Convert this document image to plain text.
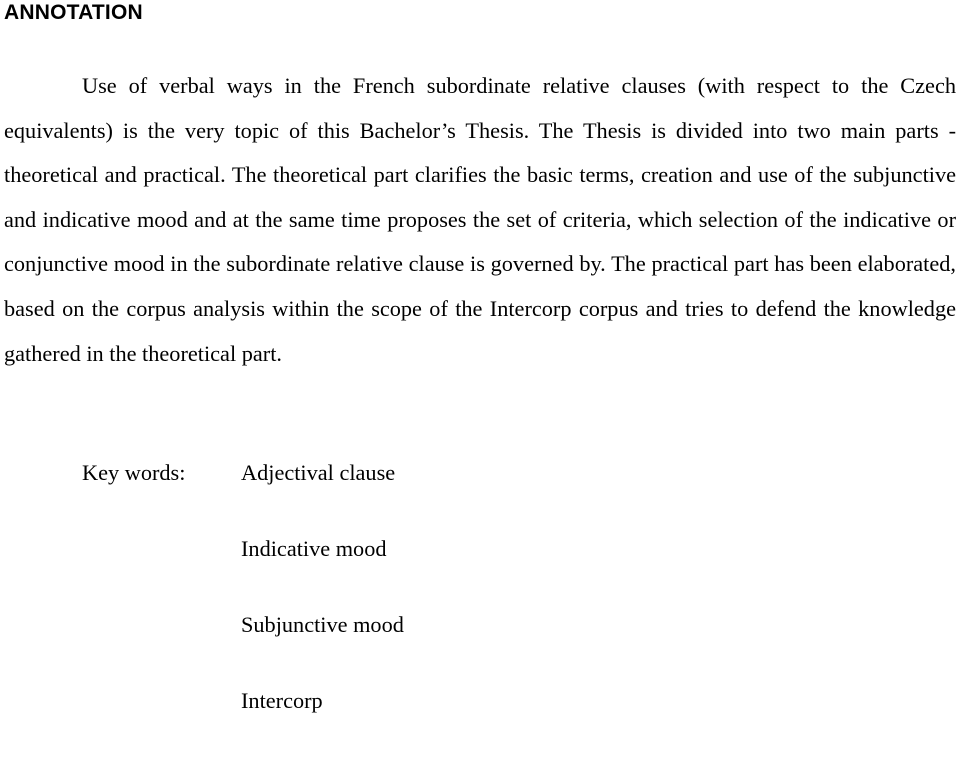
ANNOTATION

Use of verbal ways in the French subordinate relative clauses (with respect to the Czech equivalents) is the very topic of this Bachelor’s Thesis. The Thesis is divided into two main parts - theoretical and practical. The theoretical part clarifies the basic terms, creation and use of the subjunctive and indicative mood and at the same time proposes the set of criteria, which selection of the indicative or conjunctive mood in the subordinate relative clause is governed by. The practical part has been elaborated, based on the corpus analysis within the scope of the Intercorp corpus and tries to defend the knowledge gathered in the theoretical part.

Key words: Adjectival clause
Indicative mood
Subjunctive mood
Intercorp
